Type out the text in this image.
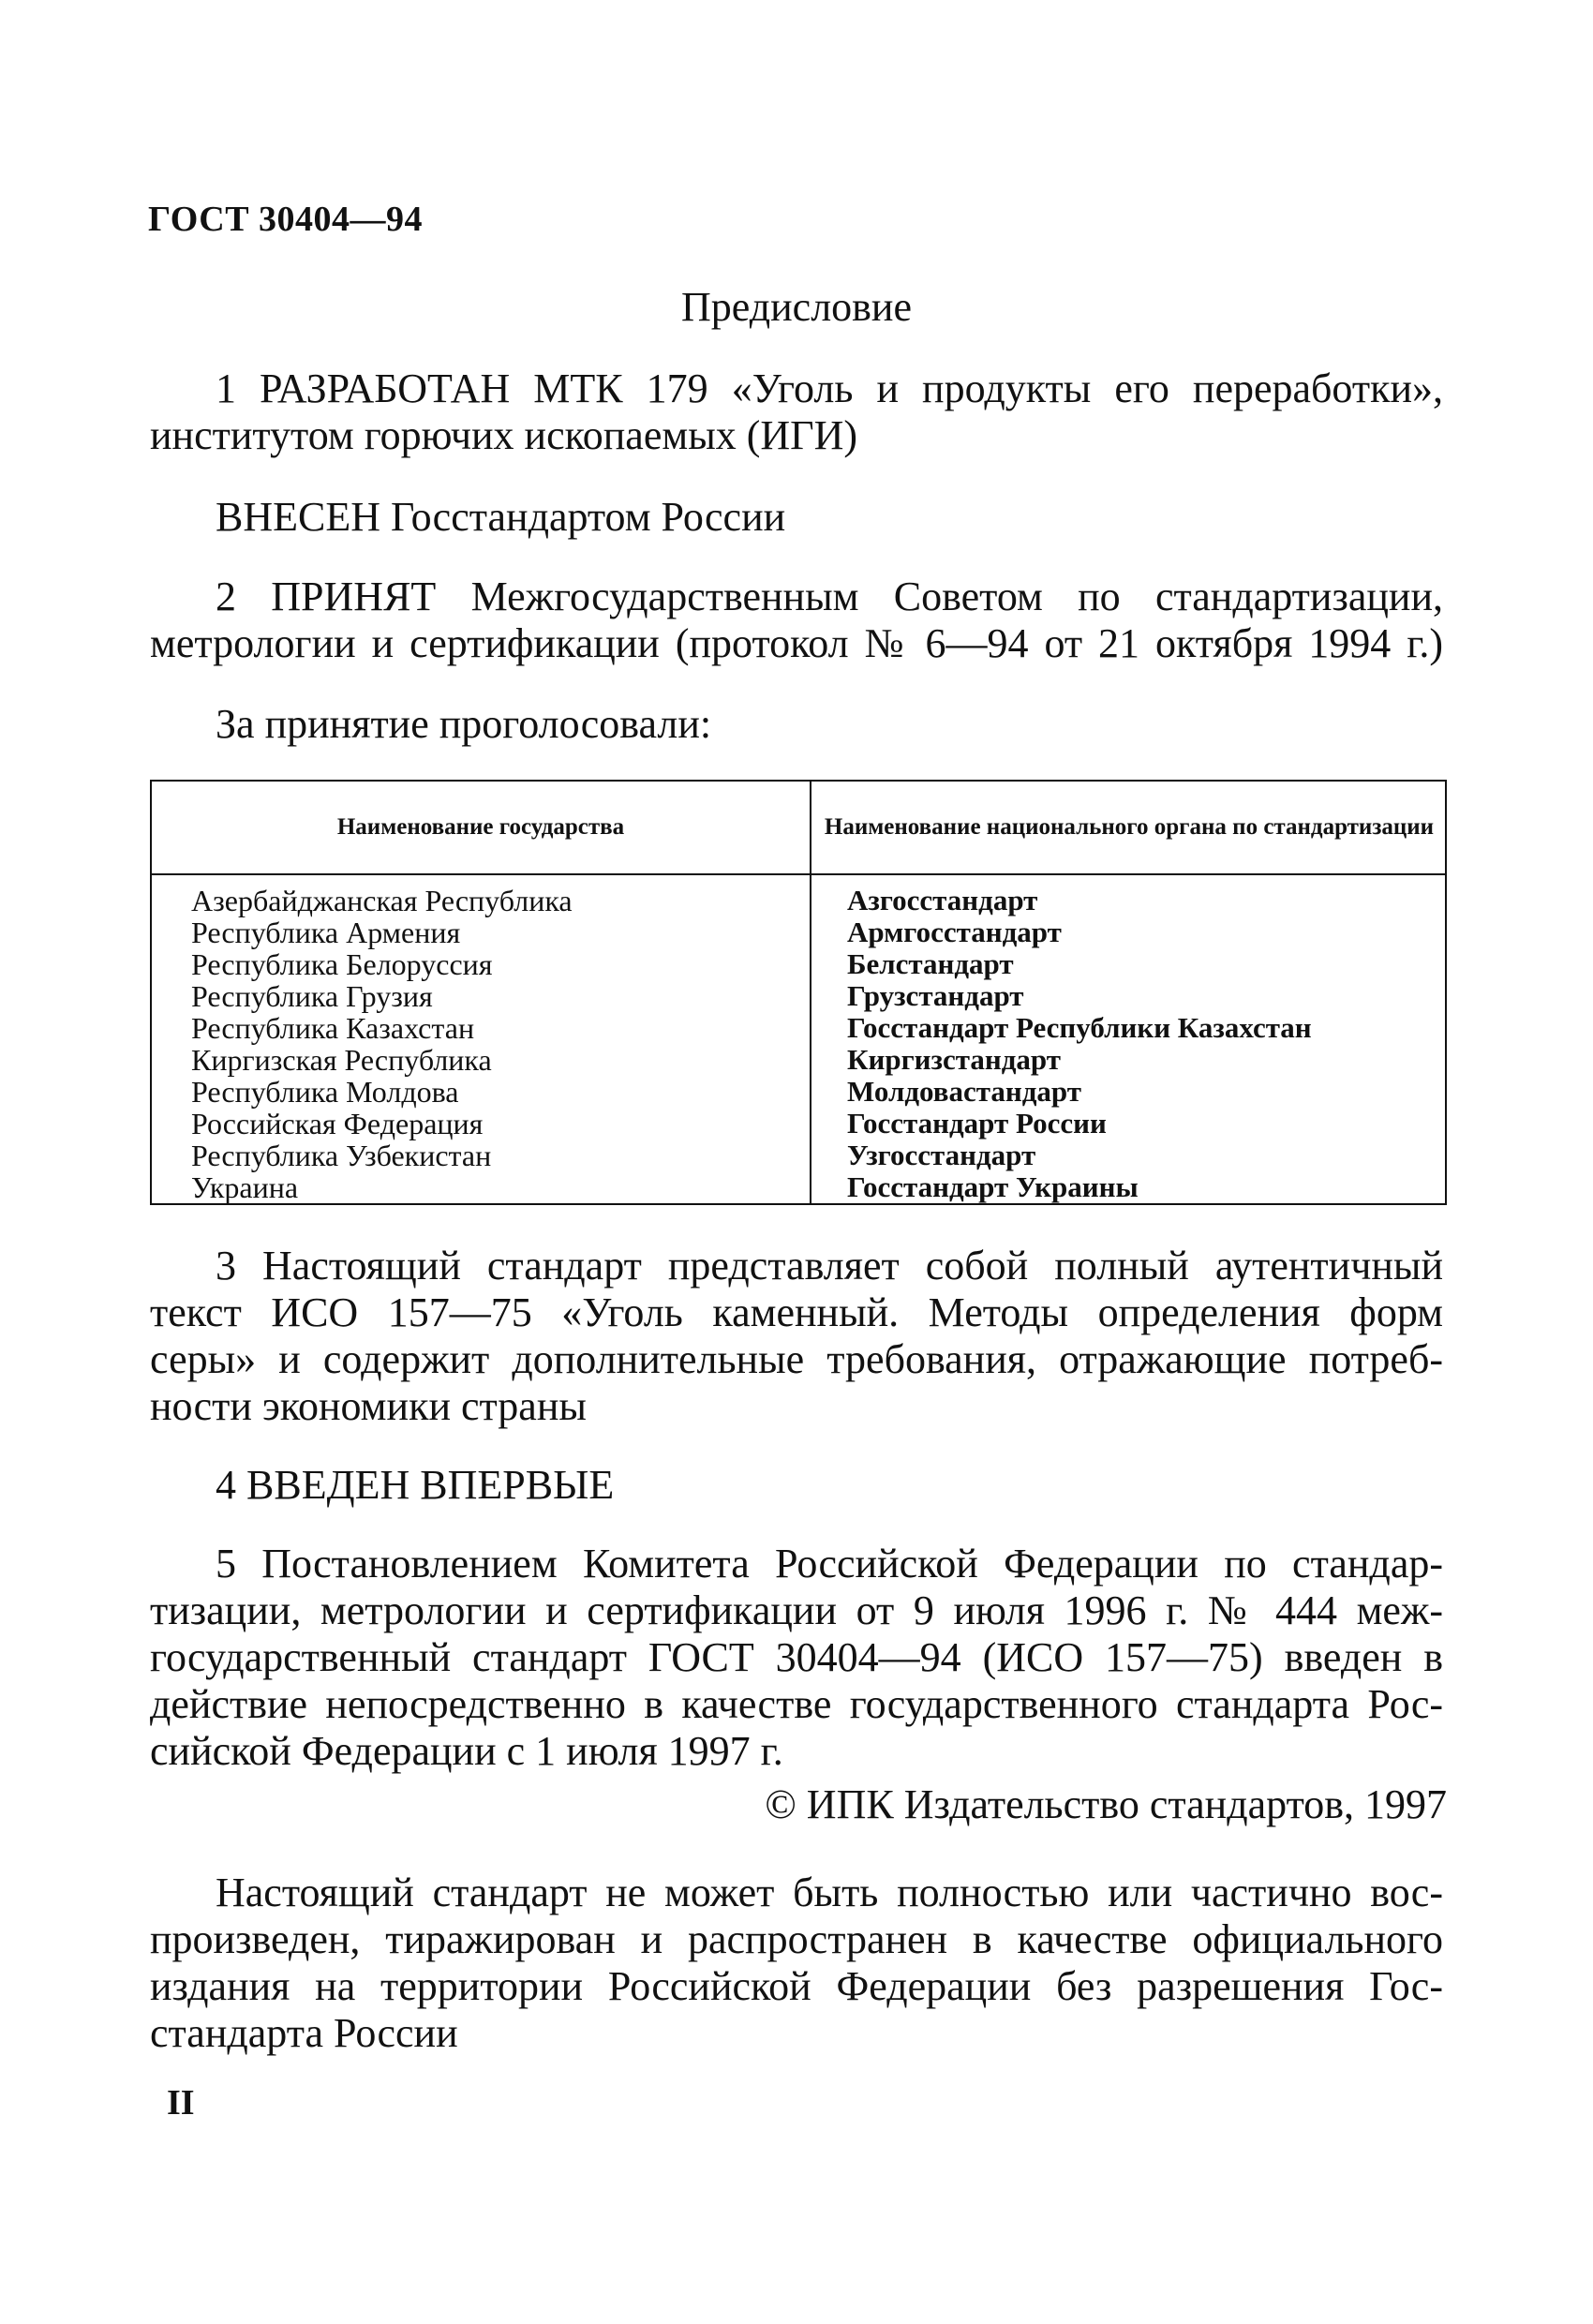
ГОСТ 30404—94
Предисловие
1 РАЗРАБОТАН МТК 179 «Уголь и продукты его переработки»,
институтом горючих ископаемых (ИГИ)
ВНЕСЕН Госстандартом России
2 ПРИНЯТ Межгосударственным Советом по стандартизации,
метрологии и сертификации (протокол № 6—94 от 21 октября 1994 г.)
За принятие проголосовали:
Наименование государства	Наименование национального органа по стандартизации
Азербайджанская Республика
Республика Армения
Республика Белоруссия
Республика Грузия
Республика Казахстан
Киргизская Республика
Республика Молдова
Российская Федерация
Республика Узбекистан
Украина
Азгосстандарт
Армгосстандарт
Белстандарт
Грузстандарт
Госстандарт Республики Казахстан
Киргизстандарт
Молдовастандарт
Госстандарт России
Узгосстандарт
Госстандарт Украины
3 Настоящий стандарт представляет собой полный аутентичный
текст ИСО 157—75 «Уголь каменный. Методы определения форм
серы» и содержит дополнительные требования, отражающие потреб-
ности экономики страны
4 ВВЕДЕН ВПЕРВЫЕ
5 Постановлением Комитета Российской Федерации по стандар-
тизации, метрологии и сертификации от 9 июля 1996 г. № 444 меж-
государственный стандарт ГОСТ 30404—94 (ИСО 157—75) введен в
действие непосредственно в качестве государственного стандарта Рос-
сийской Федерации с 1 июля 1997 г.
© ИПК Издательство стандартов, 1997
Настоящий стандарт не может быть полностью или частично вос-
произведен, тиражирован и распространен в качестве официального
издания на территории Российской Федерации без разрешения Гос-
стандарта России
II
